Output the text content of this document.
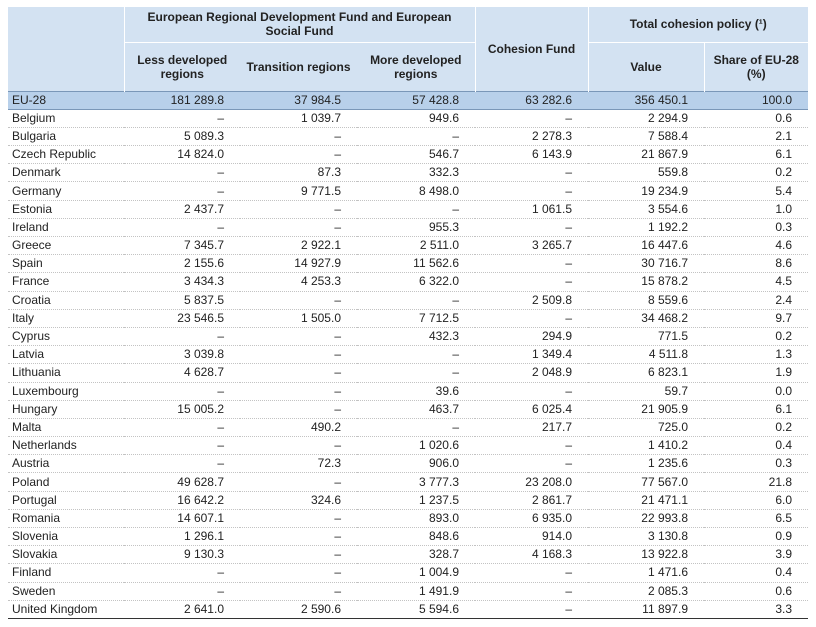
	European Regional Development Fund and European Social Fund			Cohesion Fund	Total cohesion policy (¹)	
	Less developed regions	Transition regions	More developed regions		Value	Share of EU-28 (%)
EU-28	181 289.8	37 984.5	57 428.8	63 282.6	356 450.1	100.0
Belgium	–	1 039.7	949.6	–	2 294.9	0.6
Bulgaria	5 089.3	–	–	2 278.3	7 588.4	2.1
Czech Republic	14 824.0	–	546.7	6 143.9	21 867.9	6.1
Denmark	–	87.3	332.3	–	559.8	0.2
Germany	–	9 771.5	8 498.0	–	19 234.9	5.4
Estonia	2 437.7	–	–	1 061.5	3 554.6	1.0
Ireland	–	–	955.3	–	1 192.2	0.3
Greece	7 345.7	2 922.1	2 511.0	3 265.7	16 447.6	4.6
Spain	2 155.6	14 927.9	11 562.6	–	30 716.7	8.6
France	3 434.3	4 253.3	6 322.0	–	15 878.2	4.5
Croatia	5 837.5	–	–	2 509.8	8 559.6	2.4
Italy	23 546.5	1 505.0	7 712.5	–	34 468.2	9.7
Cyprus	–	–	432.3	294.9	771.5	0.2
Latvia	3 039.8	–	–	1 349.4	4 511.8	1.3
Lithuania	4 628.7	–	–	2 048.9	6 823.1	1.9
Luxembourg	–	–	39.6	–	59.7	0.0
Hungary	15 005.2	–	463.7	6 025.4	21 905.9	6.1
Malta	–	490.2	–	217.7	725.0	0.2
Netherlands	–	–	1 020.6	–	1 410.2	0.4
Austria	–	72.3	906.0	–	1 235.6	0.3
Poland	49 628.7	–	3 777.3	23 208.0	77 567.0	21.8
Portugal	16 642.2	324.6	1 237.5	2 861.7	21 471.1	6.0
Romania	14 607.1	–	893.0	6 935.0	22 993.8	6.5
Slovenia	1 296.1	–	848.6	914.0	3 130.8	0.9
Slovakia	9 130.3	–	328.7	4 168.3	13 922.8	3.9
Finland	–	–	1 004.9	–	1 471.6	0.4
Sweden	–	–	1 491.9	–	2 085.3	0.6
United Kingdom	2 641.0	2 590.6	5 594.6	–	11 897.9	3.3
